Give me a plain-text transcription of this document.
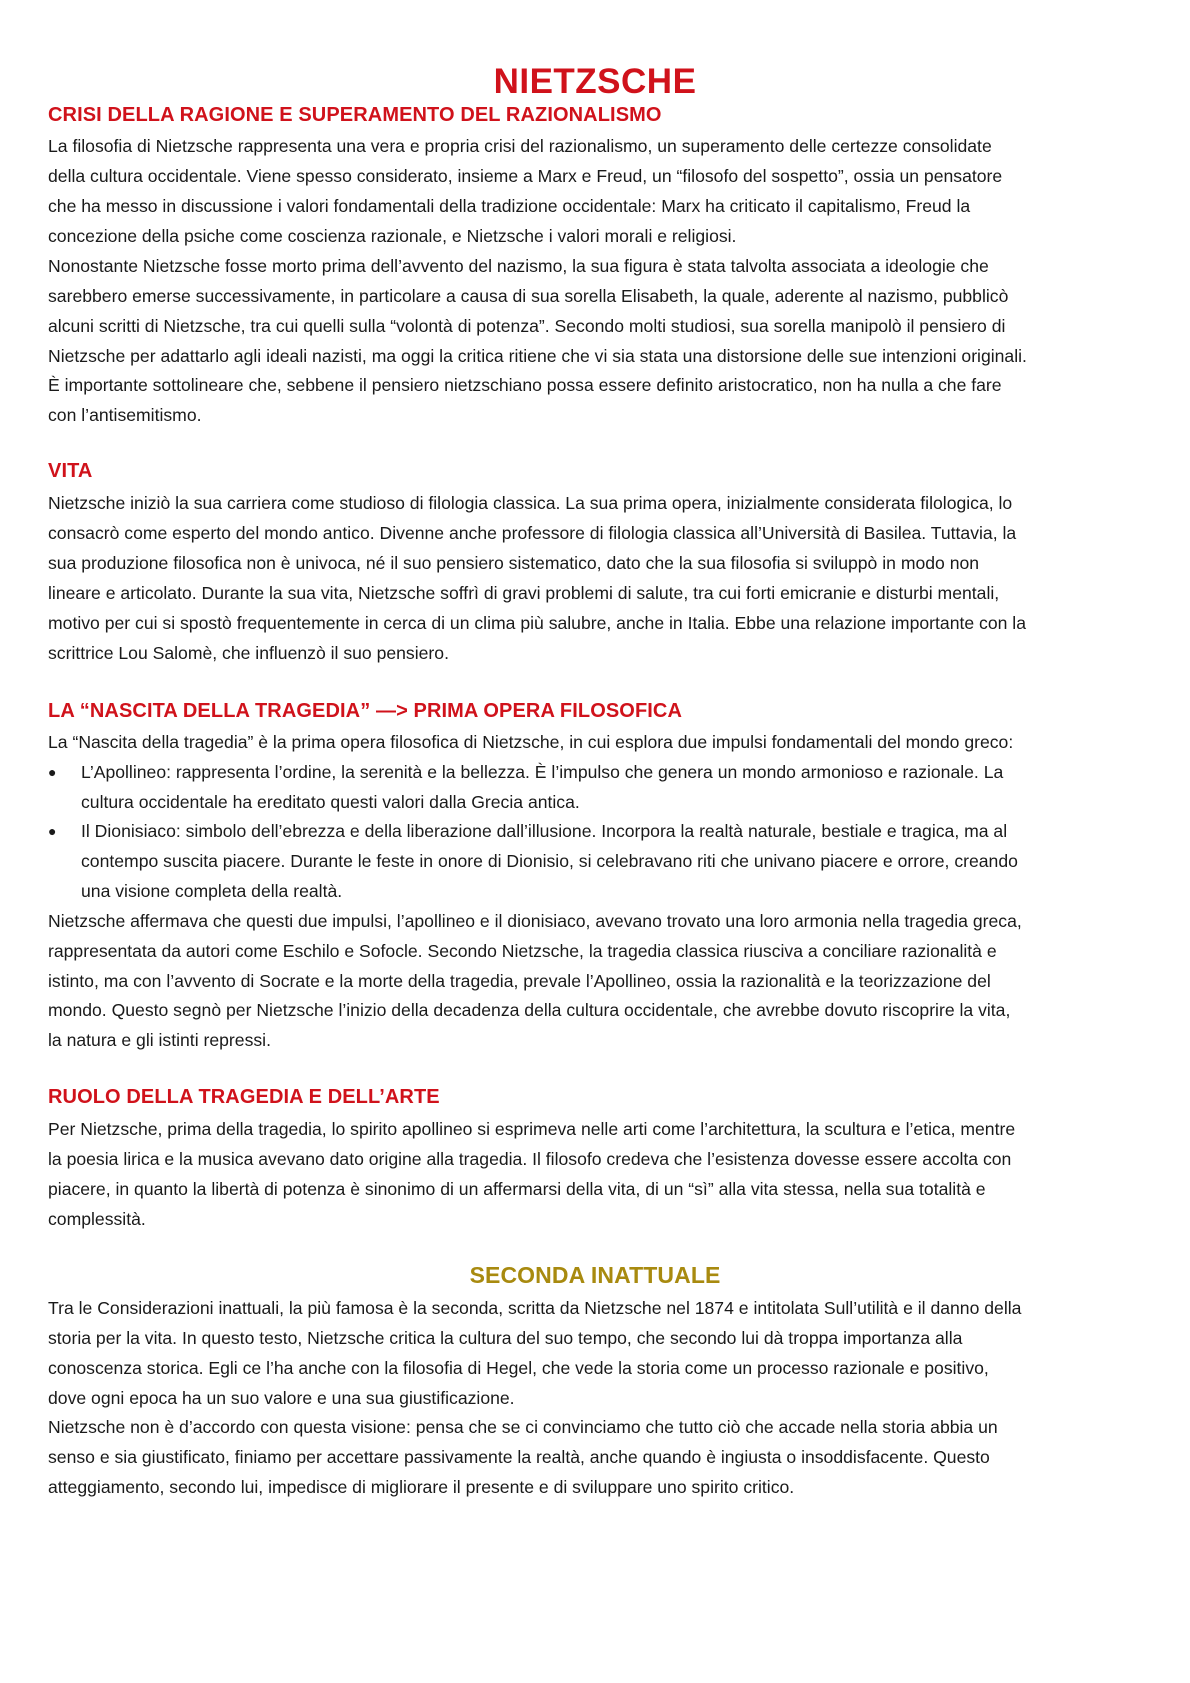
NIETZSCHE
CRISI DELLA RAGIONE E SUPERAMENTO DEL RAZIONALISMO
La filosofia di Nietzsche rappresenta una vera e propria crisi del razionalismo, un superamento delle certezze consolidate
della cultura occidentale. Viene spesso considerato, insieme a Marx e Freud, un “filosofo del sospetto”, ossia un pensatore
che ha messo in discussione i valori fondamentali della tradizione occidentale: Marx ha criticato il capitalismo, Freud la
concezione della psiche come coscienza razionale, e Nietzsche i valori morali e religiosi.
Nonostante Nietzsche fosse morto prima dell’avvento del nazismo, la sua figura è stata talvolta associata a ideologie che
sarebbero emerse successivamente, in particolare a causa di sua sorella Elisabeth, la quale, aderente al nazismo, pubblicò
alcuni scritti di Nietzsche, tra cui quelli sulla “volontà di potenza”. Secondo molti studiosi, sua sorella manipolò il pensiero di
Nietzsche per adattarlo agli ideali nazisti, ma oggi la critica ritiene che vi sia stata una distorsione delle sue intenzioni originali.
È importante sottolineare che, sebbene il pensiero nietzschiano possa essere definito aristocratico, non ha nulla a che fare
con l’antisemitismo.
VITA
Nietzsche iniziò la sua carriera come studioso di filologia classica. La sua prima opera, inizialmente considerata filologica, lo
consacrò come esperto del mondo antico. Divenne anche professore di filologia classica all’Università di Basilea. Tuttavia, la
sua produzione filosofica non è univoca, né il suo pensiero sistematico, dato che la sua filosofia si sviluppò in modo non
lineare e articolato. Durante la sua vita, Nietzsche soffrì di gravi problemi di salute, tra cui forti emicranie e disturbi mentali,
motivo per cui si spostò frequentemente in cerca di un clima più salubre, anche in Italia. Ebbe una relazione importante con la
scrittrice Lou Salomè, che influenzò il suo pensiero.
LA “NASCITA DELLA TRAGEDIA” —> PRIMA OPERA FILOSOFICA
La “Nascita della tragedia” è la prima opera filosofica di Nietzsche, in cui esplora due impulsi fondamentali del mondo greco:
● L’Apollineo: rappresenta l’ordine, la serenità e la bellezza. È l’impulso che genera un mondo armonioso e razionale. La
cultura occidentale ha ereditato questi valori dalla Grecia antica.
● Il Dionisiaco: simbolo dell’ebrezza e della liberazione dall’illusione. Incorpora la realtà naturale, bestiale e tragica, ma al
contempo suscita piacere. Durante le feste in onore di Dionisio, si celebravano riti che univano piacere e orrore, creando
una visione completa della realtà.
Nietzsche affermava che questi due impulsi, l’apollineo e il dionisiaco, avevano trovato una loro armonia nella tragedia greca,
rappresentata da autori come Eschilo e Sofocle. Secondo Nietzsche, la tragedia classica riusciva a conciliare razionalità e
istinto, ma con l’avvento di Socrate e la morte della tragedia, prevale l’Apollineo, ossia la razionalità e la teorizzazione del
mondo. Questo segnò per Nietzsche l’inizio della decadenza della cultura occidentale, che avrebbe dovuto riscoprire la vita,
la natura e gli istinti repressi.
RUOLO DELLA TRAGEDIA E DELL’ARTE
Per Nietzsche, prima della tragedia, lo spirito apollineo si esprimeva nelle arti come l’architettura, la scultura e l’etica, mentre
la poesia lirica e la musica avevano dato origine alla tragedia. Il filosofo credeva che l’esistenza dovesse essere accolta con
piacere, in quanto la libertà di potenza è sinonimo di un affermarsi della vita, di un “sì” alla vita stessa, nella sua totalità e
complessità.
SECONDA INATTUALE
Tra le Considerazioni inattuali, la più famosa è la seconda, scritta da Nietzsche nel 1874 e intitolata Sull’utilità e il danno della
storia per la vita. In questo testo, Nietzsche critica la cultura del suo tempo, che secondo lui dà troppa importanza alla
conoscenza storica. Egli ce l’ha anche con la filosofia di Hegel, che vede la storia come un processo razionale e positivo,
dove ogni epoca ha un suo valore e una sua giustificazione.
Nietzsche non è d’accordo con questa visione: pensa che se ci convinciamo che tutto ciò che accade nella storia abbia un
senso e sia giustificato, finiamo per accettare passivamente la realtà, anche quando è ingiusta o insoddisfacente. Questo
atteggiamento, secondo lui, impedisce di migliorare il presente e di sviluppare uno spirito critico.
